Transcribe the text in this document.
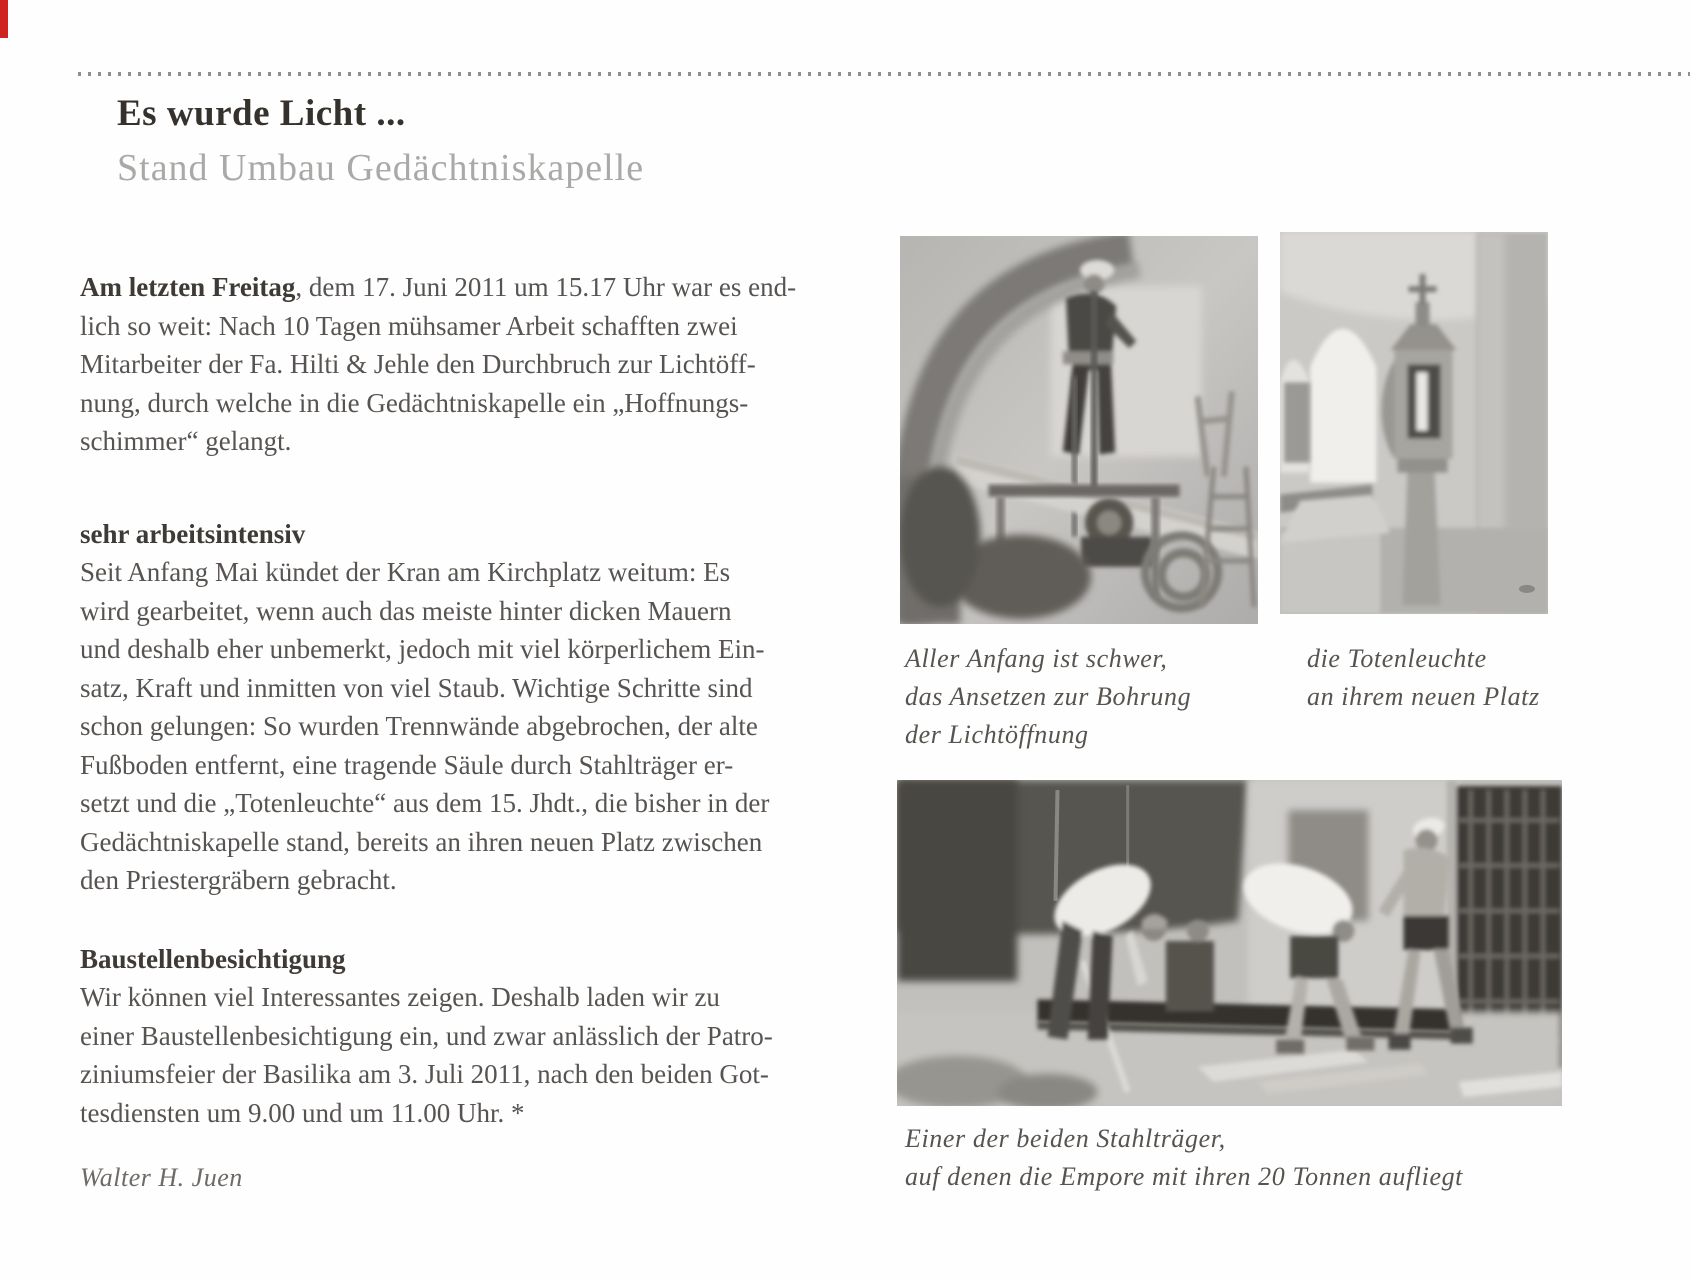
Es wurde Licht ...
Stand Umbau Gedächtniskapelle

Am letzten Freitag, dem 17. Juni 2011 um 15.17 Uhr war es end-
lich so weit: Nach 10 Tagen mühsamer Arbeit schafften zwei
Mitarbeiter der Fa. Hilti & Jehle den Durchbruch zur Lichtöff-
nung, durch welche in die Gedächtniskapelle ein „Hoffnungs-
schimmer“ gelangt.

sehr arbeitsintensiv
Seit Anfang Mai kündet der Kran am Kirchplatz weitum: Es
wird gearbeitet, wenn auch das meiste hinter dicken Mauern
und deshalb eher unbemerkt, jedoch mit viel körperlichem Ein-
satz, Kraft und inmitten von viel Staub. Wichtige Schritte sind
schon gelungen: So wurden Trennwände abgebrochen, der alte
Fußboden entfernt, eine tragende Säule durch Stahlträger er-
setzt und die „Totenleuchte“ aus dem 15. Jhdt., die bisher in der
Gedächtniskapelle stand, bereits an ihren neuen Platz zwischen
den Priestergräbern gebracht.
Baustellenbesichtigung
Wir können viel Interessantes zeigen. Deshalb laden wir zu
einer Baustellenbesichtigung ein, und zwar anlässlich der Patro-
ziniumsfeier der Basilika am 3. Juli 2011, nach den beiden Got-
tesdiensten um 9.00 und um 11.00 Uhr. *
Walter H. Juen
Aller Anfang ist schwer,
das Ansetzen zur Bohrung
der Lichtöffnung
die Totenleuchte
an ihrem neuen Platz
Einer der beiden Stahlträger,
auf denen die Empore mit ihren 20 Tonnen aufliegt
